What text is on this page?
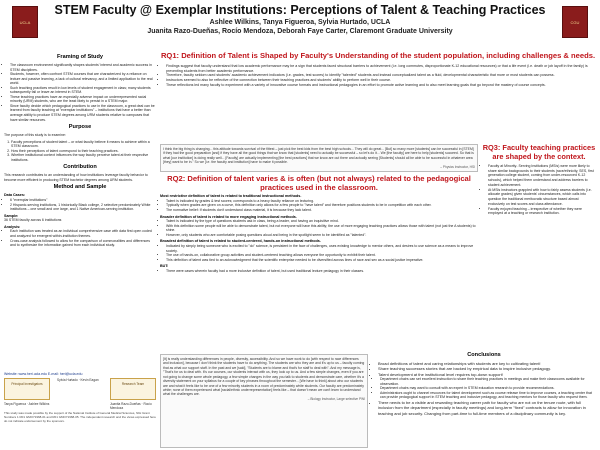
UCLA
STEM Faculty @ Exemplar Institutions: Perceptions of Talent & Teaching Practices
Ashlee Wilkins, Tanya Figueroa, Sylvia Hurtado, UCLA
Juanita Razo-Dueñas, Rocío Mendoza, Deborah Faye Carter, Claremont Graduate University
CGU
Framing of Study
• The classroom environment significantly shapes students' interest and academic success in STEM disciplines.
• Students, however, often confront STEM courses that are characterized by a reliance on lecture and passive learning, a lack of cultural relevancy, and a limited application to the real world.
• Such teaching practices result in low levels of student engagement in class; many students subsequently fail or leave an interest in STEM.
• These teaching practices have an especially adverse impact on underrepresented racial minority (URM) students, who are the least likely to persist in a STEM major.
• Since faculty decide which pedagogical practices to use in the classroom, a great deal can be learned from faculty teaching at "exemplar institutions" – institutions that have a better than average ability to produce STEM degrees among URM students relative to campuses that have similar resources.
Purpose
The purpose of this study is to examine:
1. Faculty perceptions of student talent – or what faculty believe it means to achieve within a STEM classroom.
2. How their perceptions of talent correspond to their teaching practices.
3. Whether institutional context influences the way faculty perceive talent at their respective institutions.
Contribution
This research contributes to an understanding of how institutions leverage faculty behavior to become more efficient in producing STEM bachelor degrees among URM students.
Method and Sample
Data Cases:
• 6 "exemplar institutions"
• 2 Hispanic-serving institutions, 1 historically Black college, 2 selective predominately White institutions – one small and one large, and 1 Native American-serving institution.
Sample:
36 STEM faculty across 6 institutions
Analysis:
• Each institution was treated as an individual comprehensive case with data first open coded and analyzed for emergent within-institution themes.
• Cross-case analysis followed to allow for the comparison of commonalities and differences and to synthesize the information gained from each individual study.
Website: www.heri.ucla.edu E-mail: heri@ucla.edu
Principal Investigators
Sylvia Hurtado · Kevin Eagan
Research Team
Tanya Figueroa · Ashlee Wilkins	Juanita Razo-Dueñas · Rocío Mendoza
This study was made possible by the support of the National Institute of General Medical Sciences, NIH Grant Numbers 1 R01 GMO71968-01 and R01 GMO71968-05. The independent research and the views expressed here do not indicate endorsement by the sponsors.
RQ1: Definition of Talent is Shaped by Faculty's Understanding of the student population, including challenges & needs.
• Findings suggest that faculty understand that low academic performance may be a sign that students faced structural barriers to achievement (i.e. long commutes, disproportionate K-12 educational resources) or that a life event (i.e. death or job layoff in the family) is preventing students from better academic performance.
• Therefore, faculty seldom used students' academic achievement indicators (i.e. grades, test scores) to identify "talented" students and instead conceptualized talent as a fluid, developmental characteristic that more or most students can possess.
• Instructors seemed to also be reflective of the connection between their teaching practices and students' ability to perform well in their course.
• These reflections led many faculty to experiment with a variety of innovative course formats and instructional pedagogies in an effort to promote active learning and to also meet learning goals that go beyond the mastery of course concepts.
I think the big thing is changing... this attitude towards survival of the fittest – just pick the best kids from the best high schools... They will do great... [But] so many more [students] can be successful in [STEM] if they had the good preparation [and] if they have all the good things that we know that [students] need to actually be successful – so let's do it... We [the faculty] are here to help [students] succeed. So that is what [our institution] is doing really well... [Faculty] are actually implementing [the best practices] that we know are out there and actually seeing [Students] should all be able to be successful in whatever area [they] want to be in." So we [i.e. the faculty and institution] have to make it possible.
– Physics Instructor, HSI
RQ2: Definition of talent varies & is often (but not always) related to the pedagogical practices used in the classroom.
Most restrictive definition of talent is related to traditional instructional methods.
• Talent is indicated by grades & test scores; corresponds to a heavy faculty reliance on lecturing.
• Typically when grades are given on a curve, this definition only allows for a few people to "have talent" and therefore positions students to be in competition with each other.
• The normative belief: If students don't understand class material, it is because they lack talent.
Broader definition of talent is related to more engaging instructional methods.
• Talent is indicated by the type of questions students ask in class, being a leader, and having an inquisitive mind.
• With this definition some people will be able to demonstrate talent, but not everyone will have this ability; the use of more engaging teaching practices allows those with talent (not just the A students) to shine.
• However, only students who are comfortable posing questions aloud and being in the spotlight seem to be identified as "talented".
Broadest definition of talent is related to student-centered, hands-on instructional methods.
• Indicated by simply being someone who is excited to "do" science, is persistent in the face of challenges, uses existing knowledge to mentor others, and desires to use science as a means to improve society.
• The use of hands-on, collaborative group activities and student-centered teaching allows everyone the opportunity to exhibit their talent.
• This definition of talent was tied to an acknowledgment that the scientific enterprise needed to be diversified across lines of race and sex as a social justice imperative.
BUT:
• There were cases wherein faculty had a more inclusive definition of talent, but used traditional lecture pedagogy in their classes.
RQ3: Faculty teaching practices are shaped by the context.
• Faculty at Minority- Serving Institutions (MSIs) were more likely to share similar backgrounds to their students (race/ethnicity, SES, first generation college student, coming from under-resourced K-12 schools), which helped them understand and address barriers to student achievement.
• At MSIs instructors grappled with how to fairly assess students (i.e. allocate grades) given students' circumstances, which calls into question the traditional meritocratic structure based almost exclusively on test scores and class attendance.
• Faculty enjoyed teaching – irrespective of whether they were employed at a teaching or research institution.
[It] is really understanding differences in people, diversity, accessibility. And so we have work to do [with respect to race differences and inclusion], because I don't think the students have to do anything. The students are who they are and it's up to us – faculty coming that as what our support staff. In the past and we [said], "Students are to blame and that's for staff to deal with". And my message is, "That's for us to deal with. It's our courses, our students interact with us, they look up to us. And a few simple changes, even if you are not going to change some whole pedagogy, a few simple changes in the way you talk to students and demonstrate care, whether it's a diversity statement on your syllabus for a couple of key phrases throughout the semester... [We have to think] about who our students are and what it feels like to be one of a few minority students in a room of predominately white students. Our faculty are predominately white; none of them experienced what [racial/ethnic underrepresentation] feels like – that doesn't mean we can't learn to understand what the challenges are.
– Biology Instructor, Large selective PWI
Conclusions
• Broad definitions of talent and caring relationships with students are key to cultivating talent!
• Share teaching successes stories that are backed by empirical data to inspire inclusive pedagogy.
• Talent development at the institutional level requires top-down support!
• Department chairs can set excellent instruction to share their teaching practices in meetings and make their classrooms available for observation.
• Department chairs may want to consult with an expert in STEM education research to provide recommendations.
• Administrators ought to channel resources for talent development such as course release time to improve courses, a teaching center that can provide pedagogical support in STEM teaching and inclusive pedagogy, and teaching mentors for those faculty who request them.
• There needs to be a visible and rewarding teaching career path for faculty who are not on the tenure route, with full inclusion from the department (especially in faculty meetings) and long-term "fixed" contracts to allow for innovation in teaching and job security. Changing from part-time to full-time members of a disciplinary community is key.
